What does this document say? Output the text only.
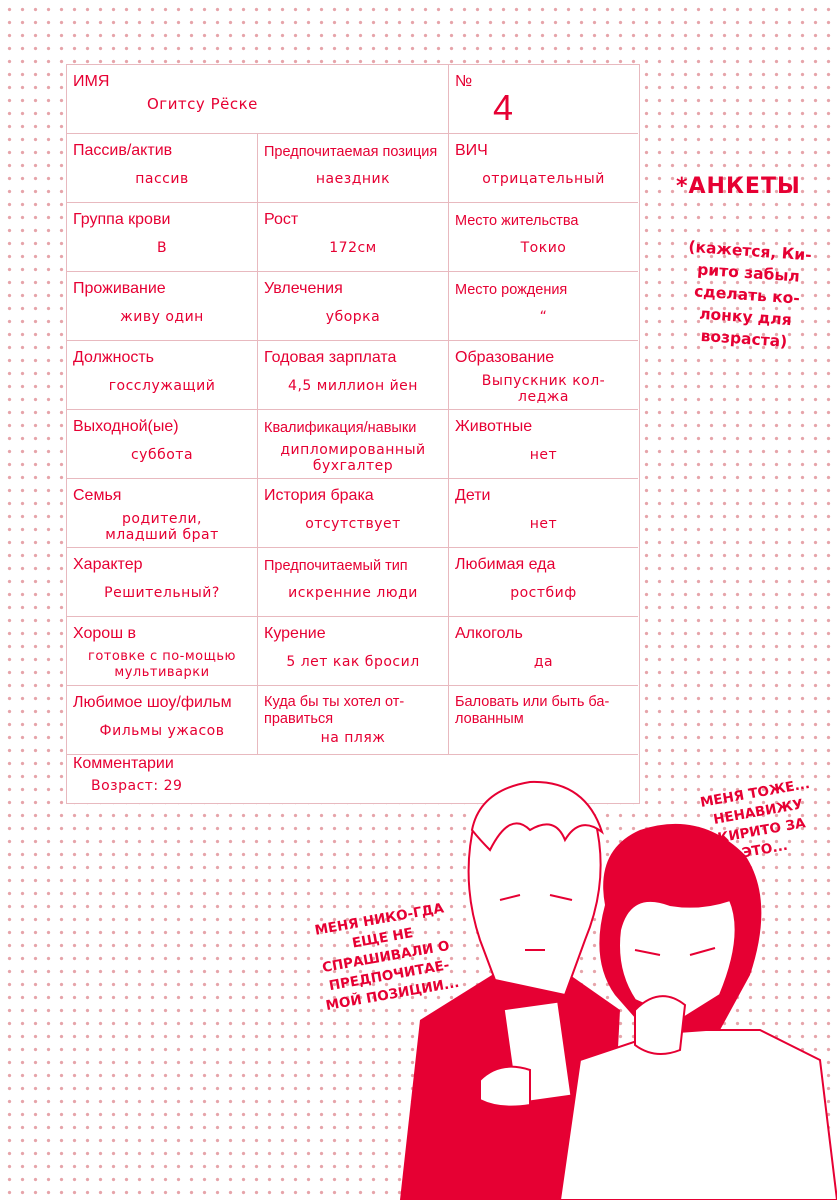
ИМЯ
Огитсу Рёске
№
4
Пассив/актив
пассив
Предпочитаемая позиция
наездник
ВИЧ
отрицательный
Группа крови
В
Рост
172см
Место жительства
Токио
Проживание
живу один
Увлечения
уборка
Место рождения
“
Должность
госслужащий
Годовая зарплата
4,5 миллион йен
Образование
Выпускник кол-леджа
Выходной(ые)
суббота
Квалификация/навыки
дипломированный бухгалтер
Животные
нет
Семья
родители, младший брат
История брака
отсутствует
Дети
нет
Характер
Решительный?
Предпочитаемый тип
искренние люди
Любимая еда
ростбиф
Хорош в
готовке с по-мощью мультиварки
Курение
5 лет как бросил
Алкоголь
да
Любимое шоу/фильм
Фильмы ужасов
Куда бы ты хотел от-правиться
на пляж
Баловать или быть ба-лованным
Комментарии
Возраст: 29
*АНКЕТЫ
(кажется, Ки-рито забыл сделать ко-лонку для возраста)
МЕНЯ ТОЖЕ... НЕНАВИЖУ КИРИТО ЗА ЭТО...
МЕНЯ НИКО-ГДА ЕЩЕ НЕ СПРАШИВАЛИ О ПРЕДПОЧИТАЕ-МОЙ ПОЗИЦИИ...
